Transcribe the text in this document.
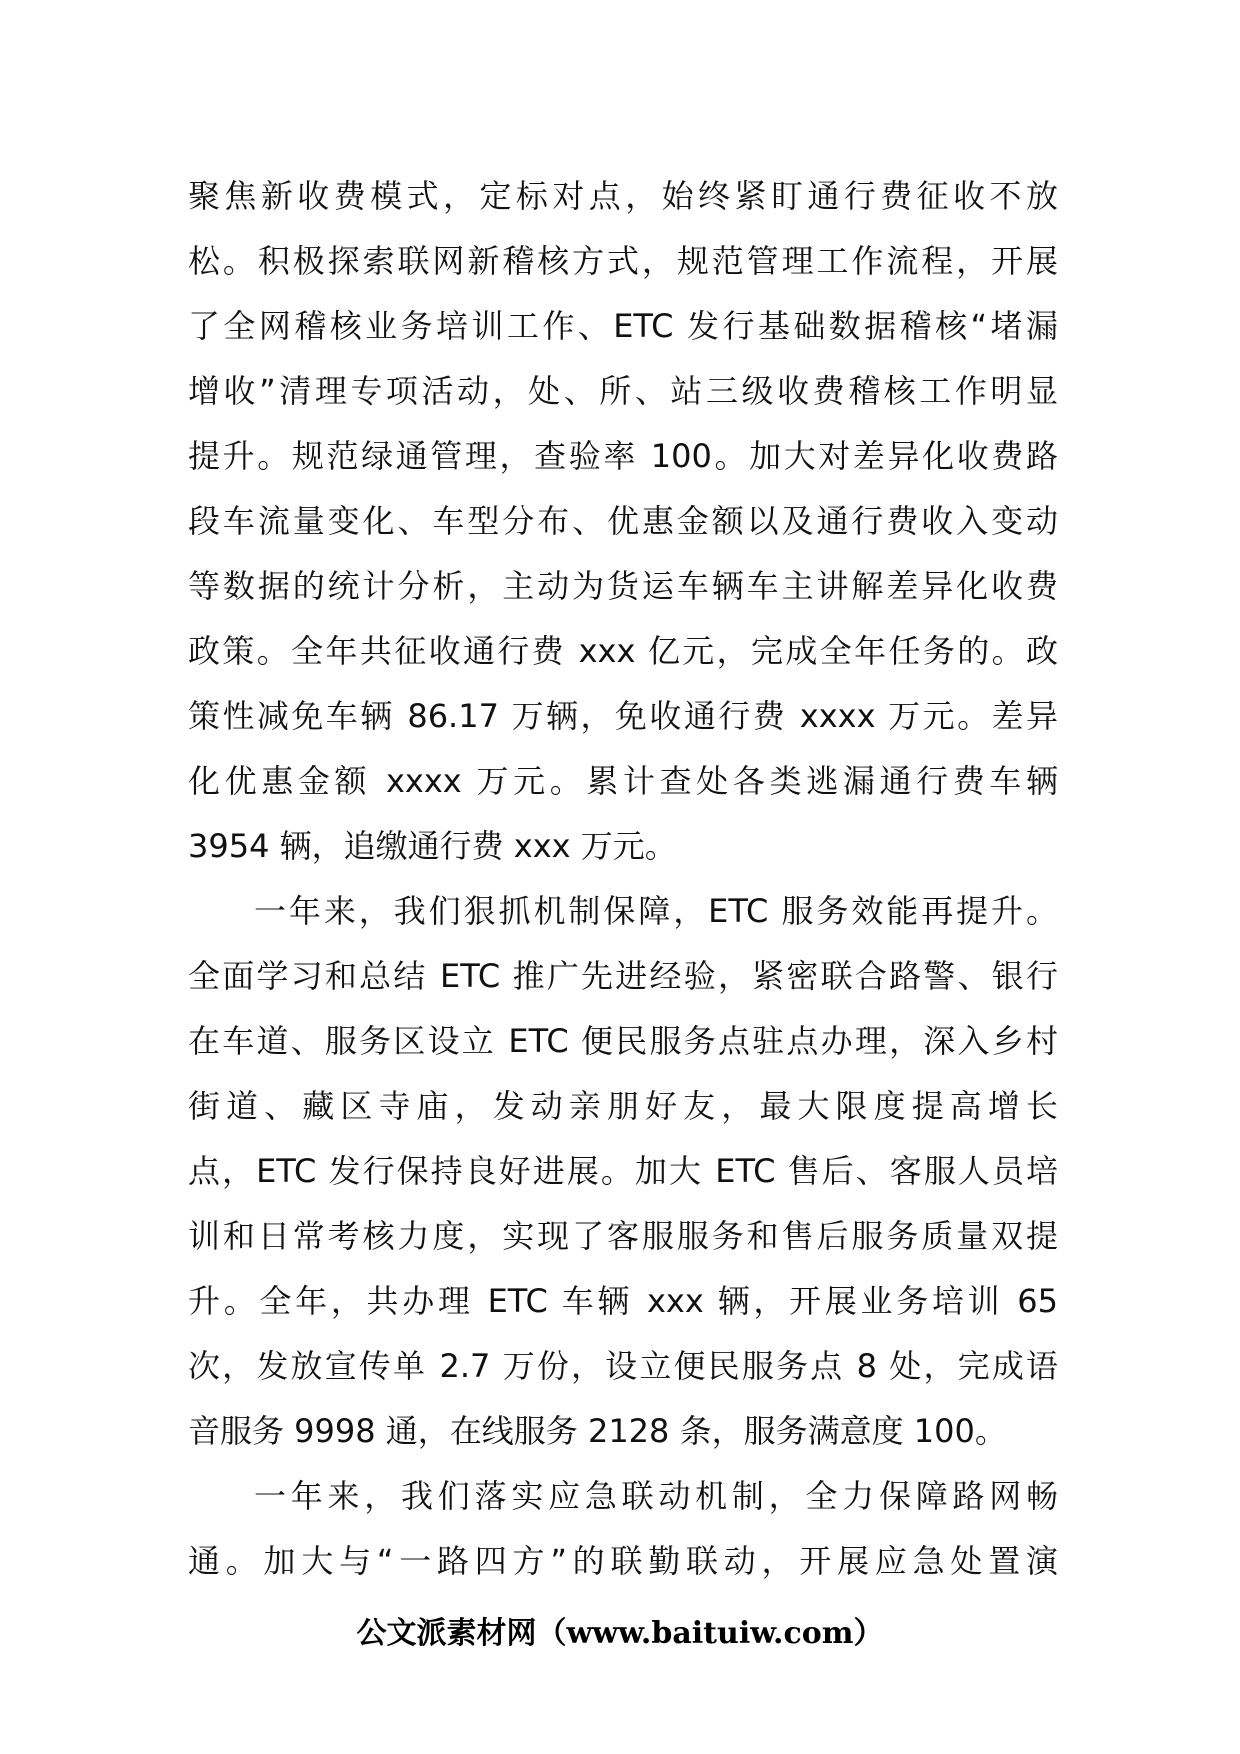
聚焦新收费模式，定标对点，始终紧盯通行费征收不放
松。积极探索联网新稽核方式，规范管理工作流程，开展
了全网稽核业务培训工作、ETC 发行基础数据稽核“堵漏
增收”清理专项活动，处、所、站三级收费稽核工作明显
提升。规范绿通管理，查验率 100。加大对差异化收费路
段车流量变化、车型分布、优惠金额以及通行费收入变动
等数据的统计分析，主动为货运车辆车主讲解差异化收费
政策。全年共征收通行费 xxx 亿元，完成全年任务的。政
策性减免车辆 86.17 万辆，免收通行费 xxxx 万元。差异
化优惠金额 xxxx 万元。累计查处各类逃漏通行费车辆
3954 辆，追缴通行费 xxx 万元。
一年来，我们狠抓机制保障，ETC 服务效能再提升。
全面学习和总结 ETC 推广先进经验，紧密联合路警、银行
在车道、服务区设立 ETC 便民服务点驻点办理，深入乡村
街道、藏区寺庙，发动亲朋好友，最大限度提高增长
点，ETC 发行保持良好进展。加大 ETC 售后、客服人员培
训和日常考核力度，实现了客服服务和售后服务质量双提
升。全年，共办理 ETC 车辆 xxx 辆，开展业务培训 65
次，发放宣传单 2.7 万份，设立便民服务点 8 处，完成语
音服务 9998 通，在线服务 2128 条，服务满意度 100。
一年来，我们落实应急联动机制，全力保障路网畅
通。加大与“一路四方”的联勤联动，开展应急处置演
公文派素材网（www.baituiw.com）
